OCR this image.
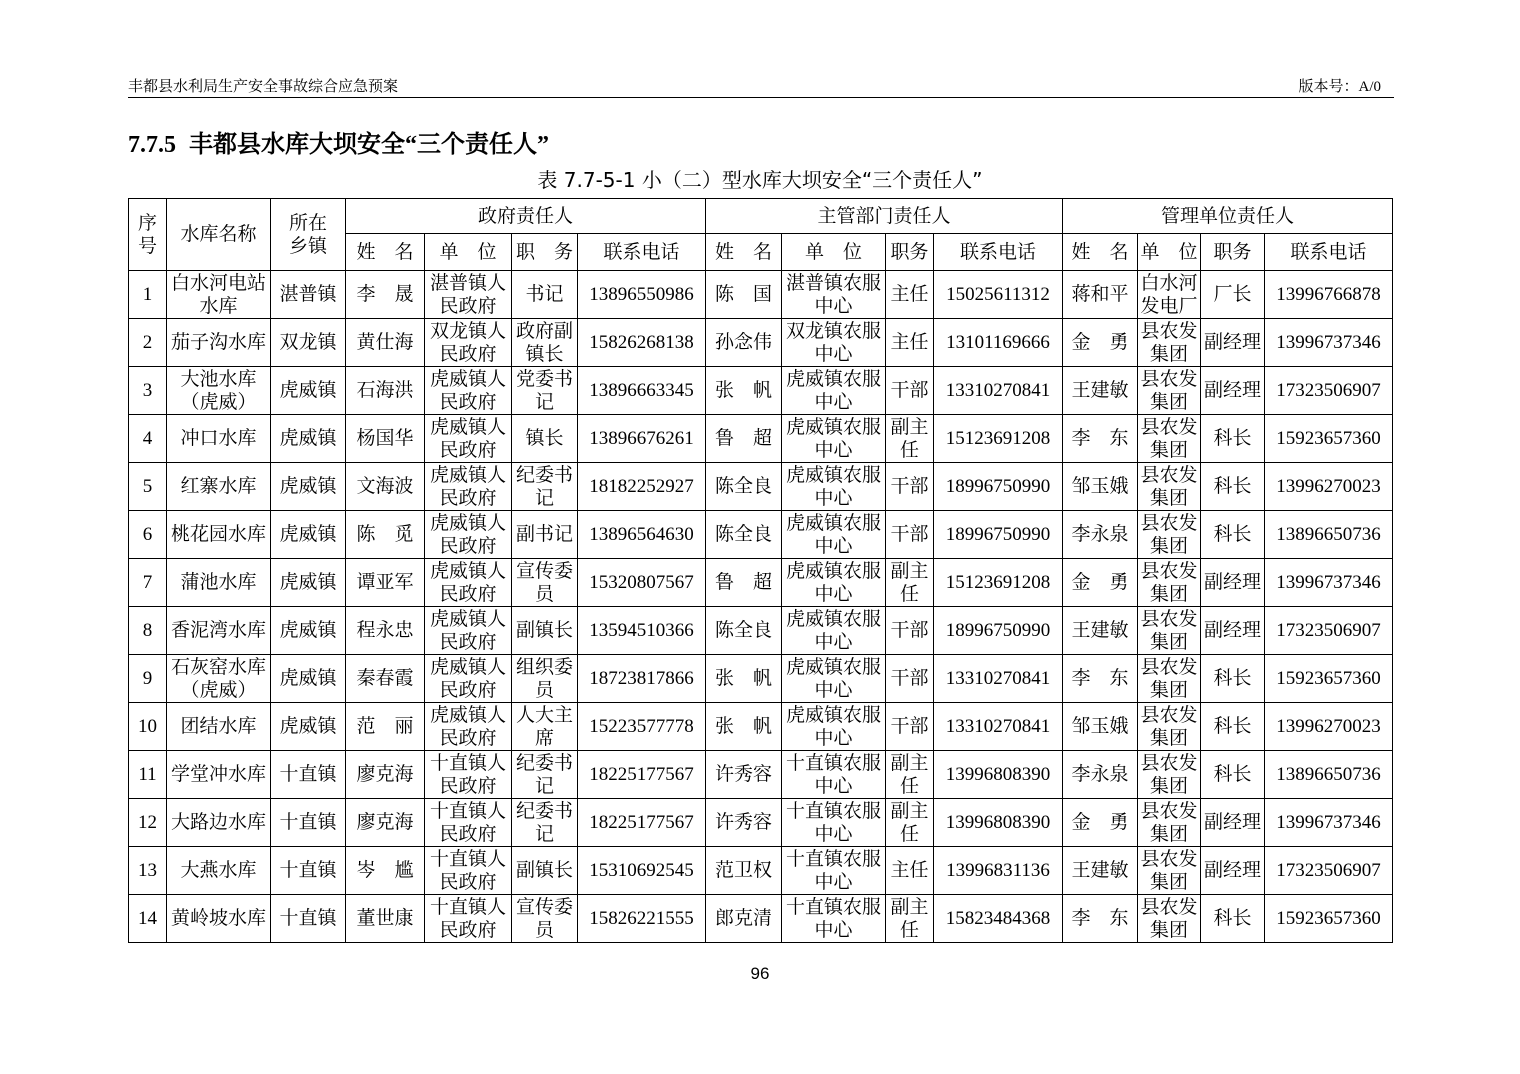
丰都县水利局生产安全事故综合应急预案	版本号：A/0
7.7.5 丰都县水库大坝安全“三个责任人”
表 7.7-5-1 小（二）型水库大坝安全“三个责任人”
序
号	水库名称	所在
乡镇	政府责任人				主管部门责任人				管理单位责任人			
			姓　名	单　位	职　务	联系电话	姓　名	单　位	职务	联系电话	姓　名	单　位	职务	联系电话
1	白水河电站
水库	湛普镇	李　晟	湛普镇人
民政府	书记	13896550986	陈　国	湛普镇农服
中心	主任	15025611312	蒋和平	白水河
发电厂	厂长	13996766878
2	茄子沟水库	双龙镇	黄仕海	双龙镇人
民政府	政府副
镇长	15826268138	孙念伟	双龙镇农服
中心	主任	13101169666	金　勇	县农发
集团	副经理	13996737346
3	大池水库
（虎威）	虎威镇	石海洪	虎威镇人
民政府	党委书
记	13896663345	张　帆	虎威镇农服
中心	干部	13310270841	王建敏	县农发
集团	副经理	17323506907
4	冲口水库	虎威镇	杨国华	虎威镇人
民政府	镇长	13896676261	鲁　超	虎威镇农服
中心	副主
任	15123691208	李　东	县农发
集团	科长	15923657360
5	红寨水库	虎威镇	文海波	虎威镇人
民政府	纪委书
记	18182252927	陈全良	虎威镇农服
中心	干部	18996750990	邹玉娥	县农发
集团	科长	13996270023
6	桃花园水库	虎威镇	陈　觅	虎威镇人
民政府	副书记	13896564630	陈全良	虎威镇农服
中心	干部	18996750990	李永泉	县农发
集团	科长	13896650736
7	蒲池水库	虎威镇	谭亚军	虎威镇人
民政府	宣传委
员	15320807567	鲁　超	虎威镇农服
中心	副主
任	15123691208	金　勇	县农发
集团	副经理	13996737346
8	香泥湾水库	虎威镇	程永忠	虎威镇人
民政府	副镇长	13594510366	陈全良	虎威镇农服
中心	干部	18996750990	王建敏	县农发
集团	副经理	17323506907
9	石灰窑水库
（虎威）	虎威镇	秦春霞	虎威镇人
民政府	组织委
员	18723817866	张　帆	虎威镇农服
中心	干部	13310270841	李　东	县农发
集团	科长	15923657360
10	团结水库	虎威镇	范　丽	虎威镇人
民政府	人大主
席	15223577778	张　帆	虎威镇农服
中心	干部	13310270841	邹玉娥	县农发
集团	科长	13996270023
11	学堂冲水库	十直镇	廖克海	十直镇人
民政府	纪委书
记	18225177567	许秀容	十直镇农服
中心	副主
任	13996808390	李永泉	县农发
集团	科长	13896650736
12	大路边水库	十直镇	廖克海	十直镇人
民政府	纪委书
记	18225177567	许秀容	十直镇农服
中心	副主
任	13996808390	金　勇	县农发
集团	副经理	13996737346
13	大燕水库	十直镇	岑　尴	十直镇人
民政府	副镇长	15310692545	范卫权	十直镇农服
中心	主任	13996831136	王建敏	县农发
集团	副经理	17323506907
14	黄岭坡水库	十直镇	董世康	十直镇人
民政府	宣传委
员	15826221555	郎克清	十直镇农服
中心	副主
任	15823484368	李　东	县农发
集团	科长	15923657360
96
